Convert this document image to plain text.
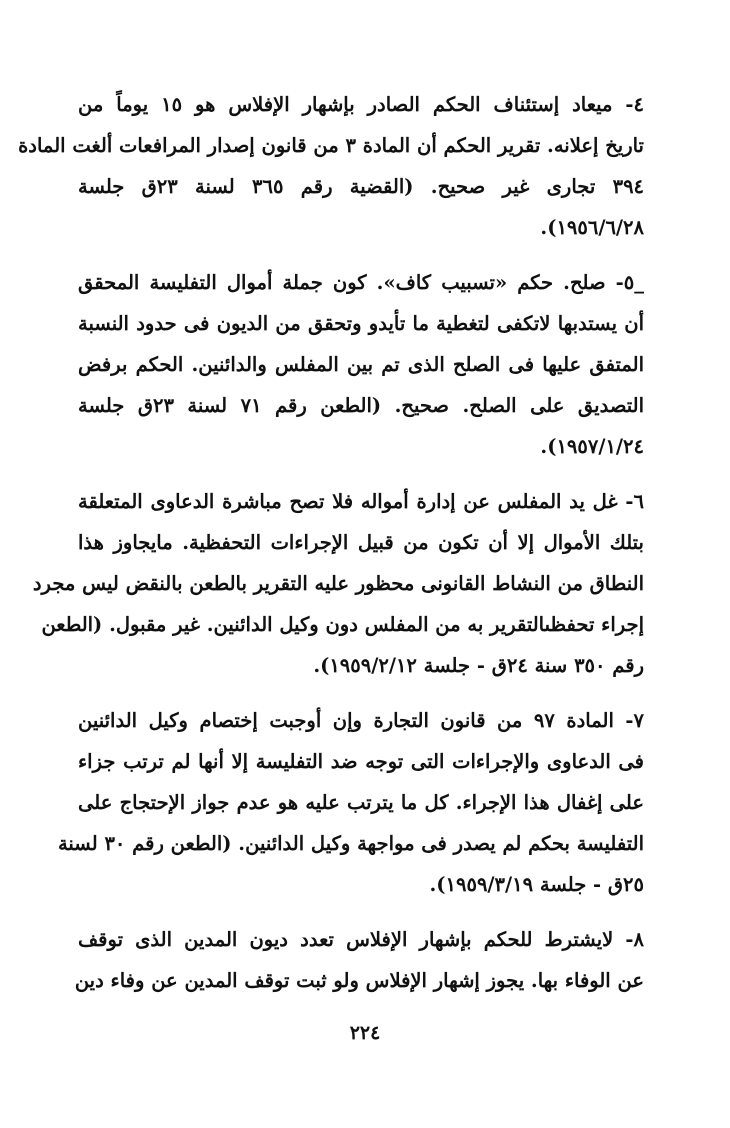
٤- ميعاد إستئناف الحكم الصادر بإشهار الإفلاس هو ١٥ يوماً من
تاريخ إعلانه. تقرير الحكم أن المادة ٣ من قانون إصدار المرافعات ألغت المادة
٣٩٤ تجارى غير صحيح. (القضية رقم ٣٦٥ لسنة ٢٣ق جلسة
١٩٥٦/٦/٢٨).
_٥- صلح. حكم «تسبيب كاف». كون جملة أموال التفليسة المحقق
أن يستدبها لاتكفى لتغطية ما تأيدو وتحقق من الديون فى حدود النسبة
المتفق عليها فى الصلح الذى تم بين المفلس والدائنين. الحكم برفض
التصديق على الصلح. صحيح. (الطعن رقم ٧١ لسنة ٢٣ق جلسة
١٩٥٧/١/٢٤).
٦- غل يد المفلس عن إدارة أمواله فلا تصح مباشرة الدعاوى المتعلقة
بتلك الأموال إلا أن تكون من قبيل الإجراءات التحفظية. مايجاوز هذا
النطاق من النشاط القانونى محظور عليه التقرير بالطعن بالنقض ليس مجرد
إجراء تحفظىالتقرير به من المفلس دون وكيل الدائنين. غير مقبول. (الطعن
رقم ٣٥٠ سنة ٢٤ق - جلسة ١٩٥٩/٢/١٢).
٧- المادة ٩٧ من قانون التجارة وإن أوجبت إختصام وكيل الدائنين
فى الدعاوى والإجراءات التى توجه ضد التفليسة إلا أنها لم ترتب جزاء
على إغفال هذا الإجراء. كل ما يترتب عليه هو عدم جواز الإحتجاج على
التفليسة بحكم لم يصدر فى مواجهة وكيل الدائنين. (الطعن رقم ٣٠ لسنة
٢٥ق - جلسة ١٩٥٩/٣/١٩).
٨- لايشترط للحكم بإشهار الإفلاس تعدد ديون المدين الذى توقف
عن الوفاء بها. يجوز إشهار الإفلاس ولو ثبت توقف المدين عن وفاء دين
٢٢٤
